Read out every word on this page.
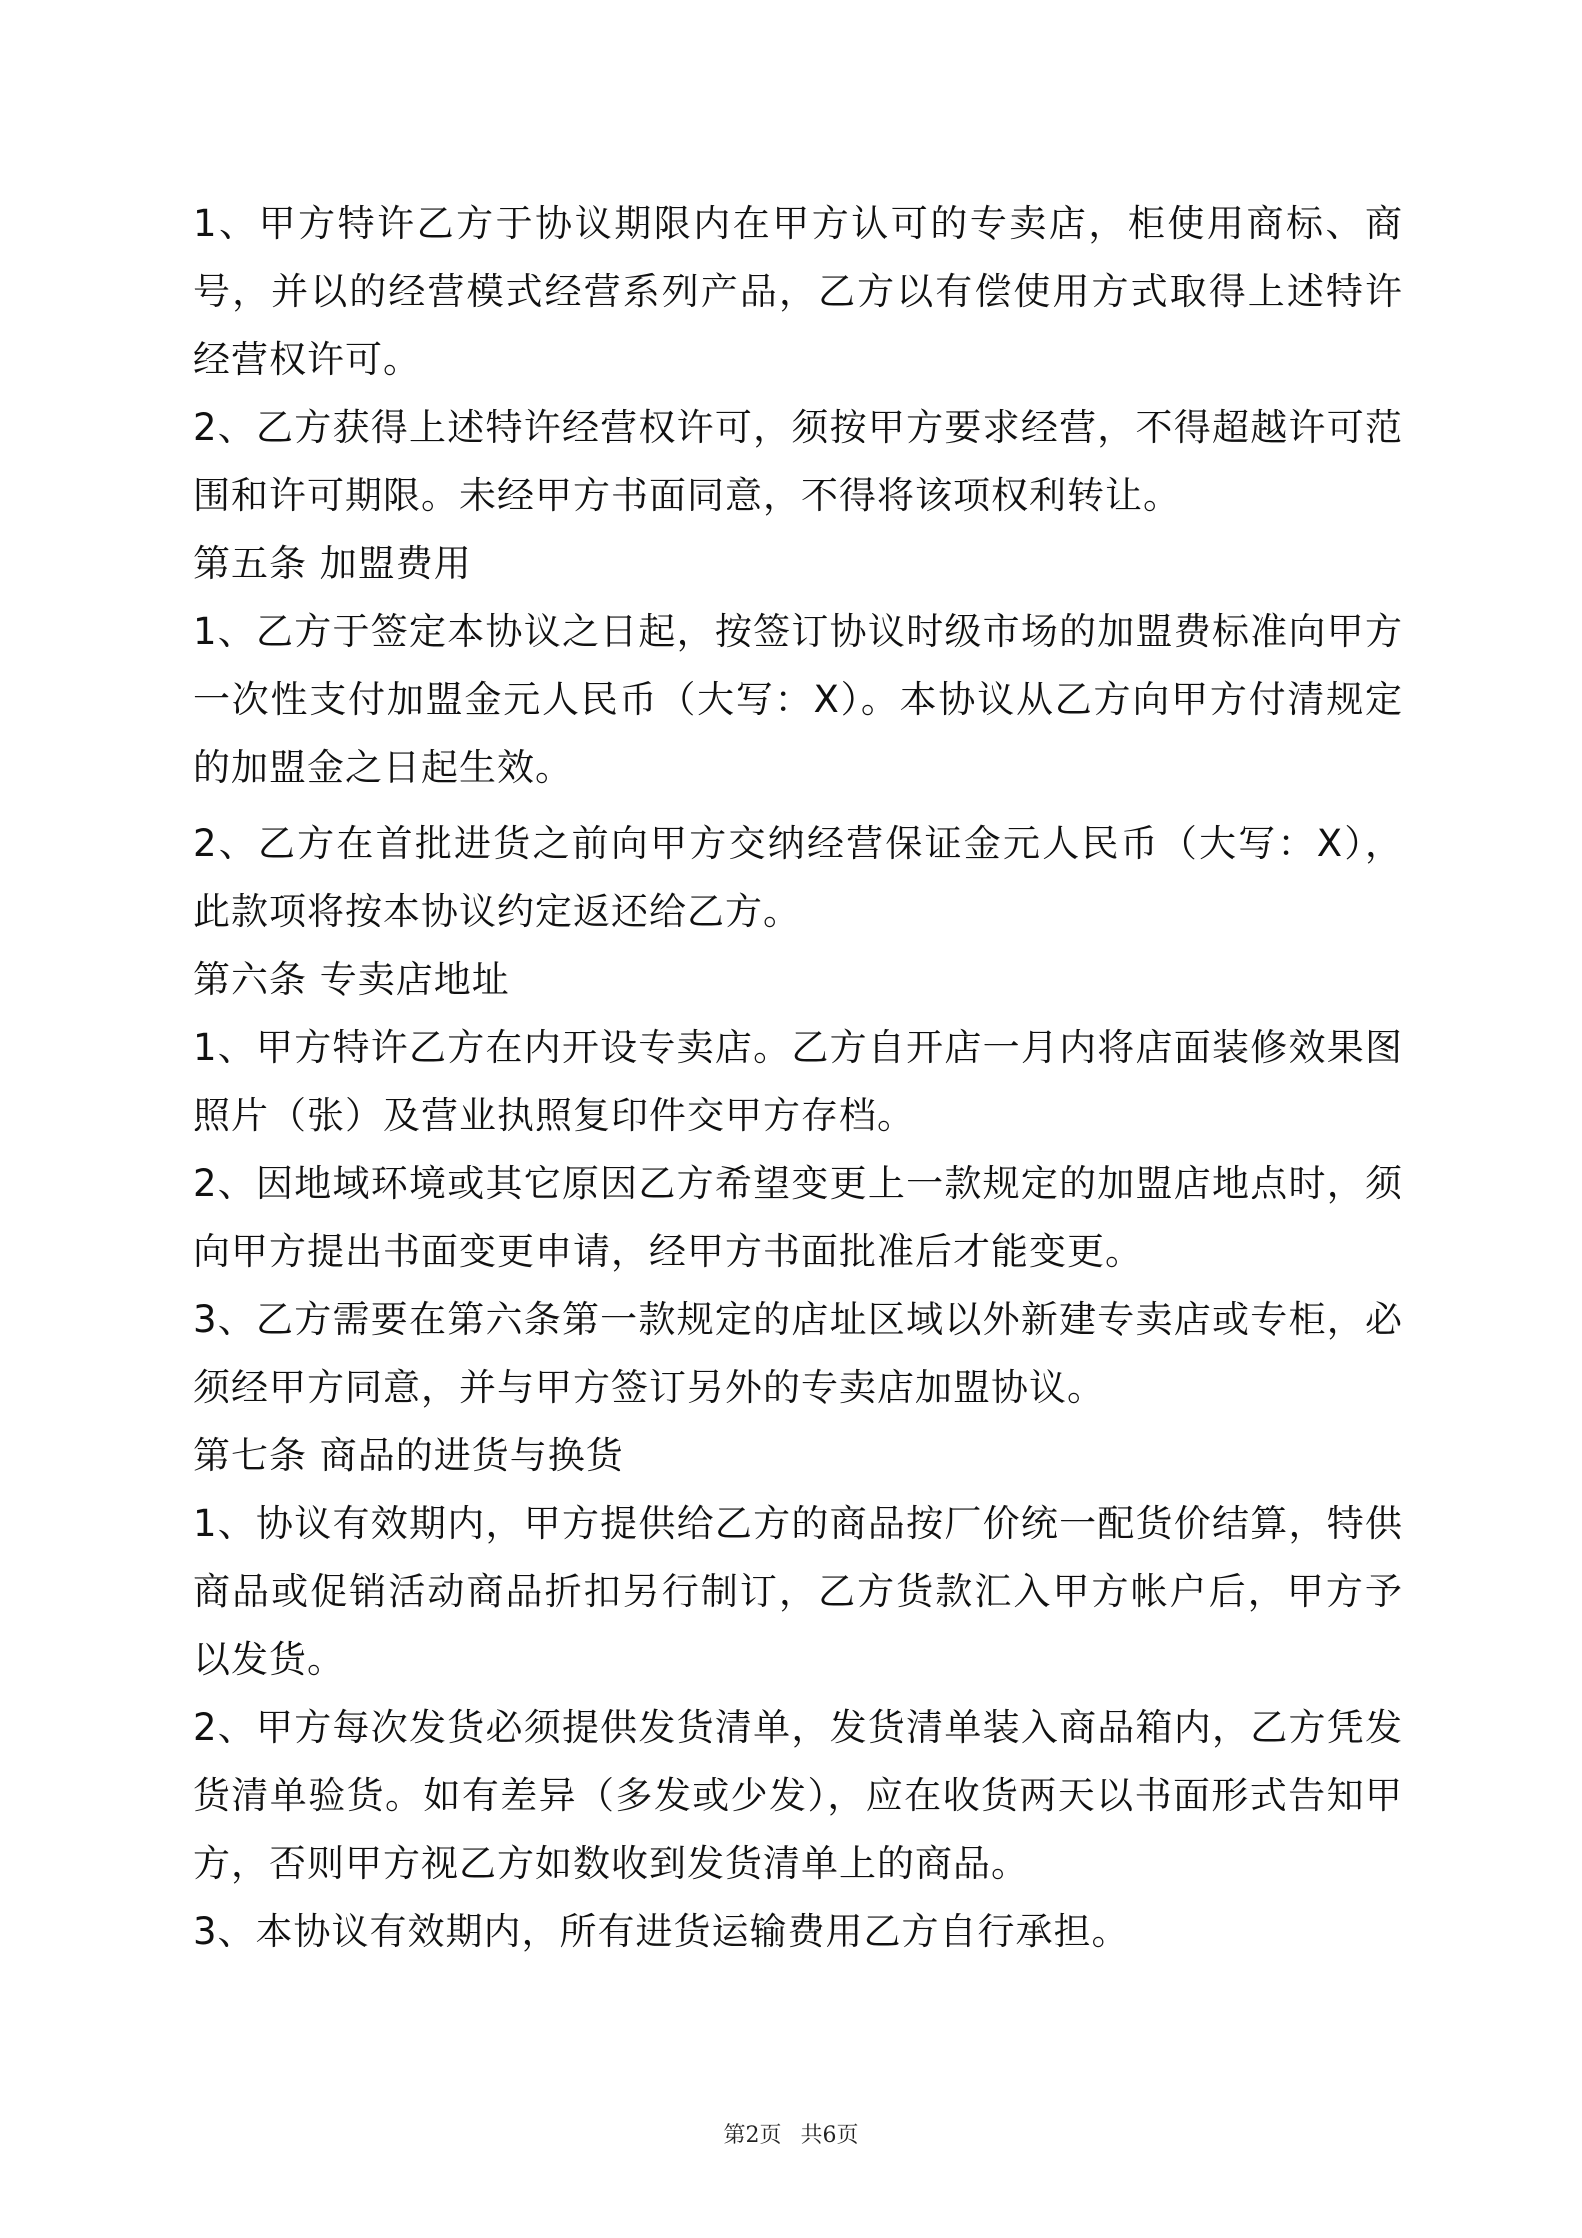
1、甲方特许乙方于协议期限内在甲方认可的专卖店，柜使用商标、商号，并以的经营模式经营系列产品，乙方以有偿使用方式取得上述特许经营权许可。

2、乙方获得上述特许经营权许可，须按甲方要求经营，不得超越许可范围和许可期限。未经甲方书面同意，不得将该项权利转让。

第五条 加盟费用

1、乙方于签定本协议之日起，按签订协议时级市场的加盟费标准向甲方一次性支付加盟金元人民币（大写：X）。本协议从乙方向甲方付清规定的加盟金之日起生效。

2、乙方在首批进货之前向甲方交纳经营保证金元人民币（大写：X），此款项将按本协议约定返还给乙方。

第六条 专卖店地址

1、甲方特许乙方在内开设专卖店。乙方自开店一月内将店面装修效果图照片（张）及营业执照复印件交甲方存档。

2、因地域环境或其它原因乙方希望变更上一款规定的加盟店地点时，须向甲方提出书面变更申请，经甲方书面批准后才能变更。

3、乙方需要在第六条第一款规定的店址区域以外新建专卖店或专柜，必须经甲方同意，并与甲方签订另外的专卖店加盟协议。

第七条 商品的进货与换货

1、协议有效期内，甲方提供给乙方的商品按厂价统一配货价结算，特供商品或促销活动商品折扣另行制订，乙方货款汇入甲方帐户后，甲方予以发货。

2、甲方每次发货必须提供发货清单，发货清单装入商品箱内，乙方凭发货清单验货。如有差异（多发或少发），应在收货两天以书面形式告知甲方，否则甲方视乙方如数收到发货清单上的商品。

3、本协议有效期内，所有进货运输费用乙方自行承担。

第2页 共6页
